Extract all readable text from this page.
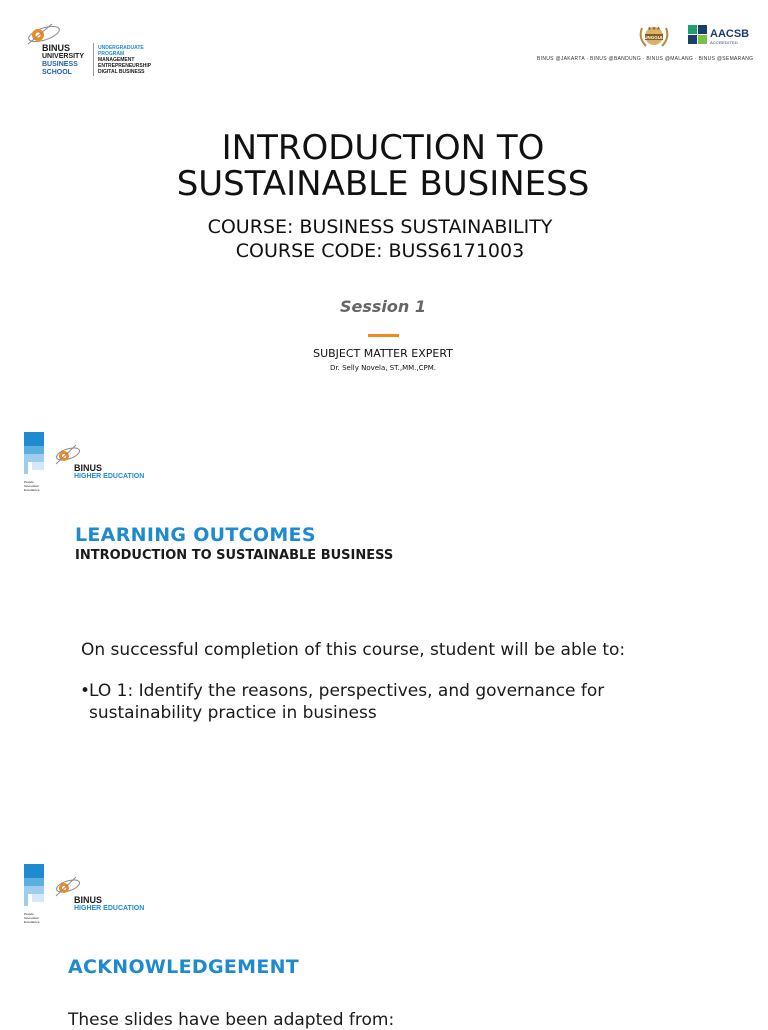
BINUS
UNIVERSITY
BUSINESS
SCHOOL
UNDERGRADUATE
PROGRAM
MANAGEMENT
ENTREPRENEURSHIP
DIGITAL BUSINESS
UNGGUL
★★★	AACSB
ACCREDITED
BINUS @JAKARTA · BINUS @BANDUNG · BINUS @MALANG · BINUS @SEMARANG
INTRODUCTION TO
SUSTAINABLE BUSINESS
COURSE: BUSINESS SUSTAINABILITY
COURSE CODE: BUSS6171003
Session 1
SUBJECT MATTER EXPERT
Dr. Selly Novela, ST.,MM.,CPM.
People
Innovation
Excellence
BINUS
HIGHER EDUCATION
LEARNING OUTCOMES
INTRODUCTION TO SUSTAINABLE BUSINESS
On successful completion of this course, student will be able to:
•
LO 1: Identify the reasons, perspectives, and governance for sustainability practice in business
People
Innovation
Excellence
BINUS
HIGHER EDUCATION
ACKNOWLEDGEMENT
These slides have been adapted from:
